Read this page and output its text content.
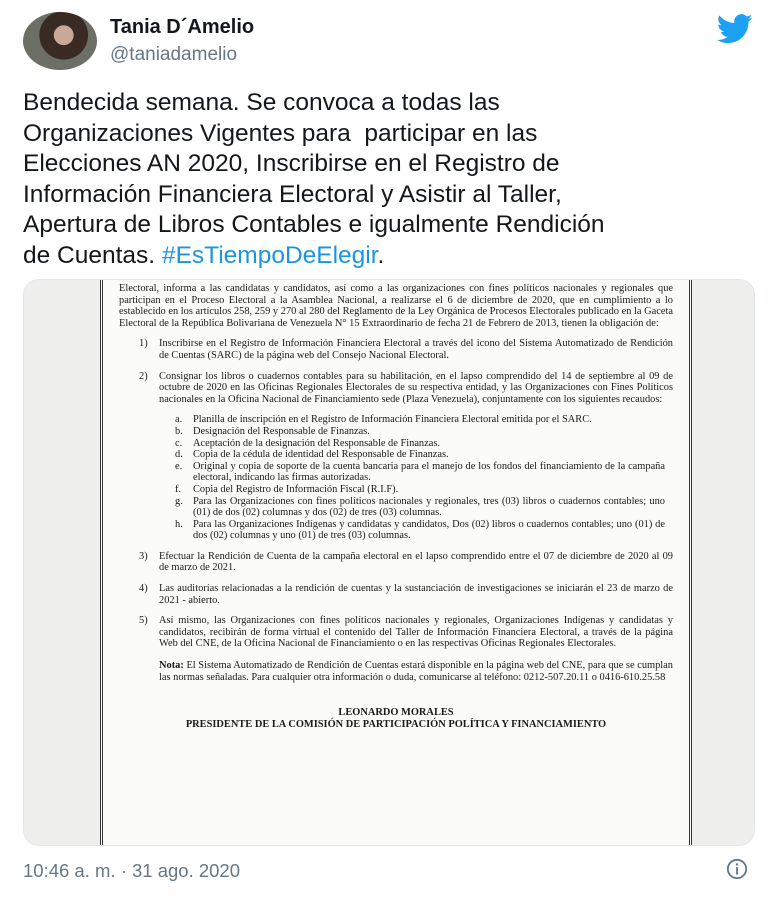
Tania D´Amelio
@taniadamelio
Bendecida semana. Se convoca a todas las
Organizaciones Vigentes para  participar en las
Elecciones AN 2020, Inscribirse en el Registro de
Información Financiera Electoral y Asistir al Taller,
Apertura de Libros Contables e igualmente Rendición
de Cuentas. #EsTiempoDeElegir.

Electoral, informa a las candidatas y candidatos, así como a las organizaciones con fines políticos nacionales y regionales que participan en el Proceso Electoral a la Asamblea Nacional, a realizarse el 6 de diciembre de 2020, que en cumplimiento a lo establecido en los artículos 258, 259 y 270 al 280 del Reglamento de la Ley Orgánica de Procesos Electorales publicado en la Gaceta Electoral de la República Bolivariana de Venezuela N° 15 Extraordinario de fecha 21 de Febrero de 2013, tienen la obligación de:

1) Inscribirse en el Registro de Información Financiera Electoral a través del icono del Sistema Automatizado de Rendición de Cuentas (SARC) de la página web del Consejo Nacional Electoral.
2) Consignar los libros o cuadernos contables para su habilitación, en el lapso comprendido del 14 de septiembre al 09 de octubre de 2020 en las Oficinas Regionales Electorales de su respectiva entidad, y las Organizaciones con Fines Políticos nacionales en la Oficina Nacional de Financiamiento sede (Plaza Venezuela), conjuntamente con los siguientes recaudos:
a. Planilla de inscripción en el Registro de Información Financiera Electoral emitida por el SARC.
b. Designación del Responsable de Finanzas.
c. Aceptación de la designación del Responsable de Finanzas.
d. Copia de la cédula de identidad del Responsable de Finanzas.
e. Original y copia de soporte de la cuenta bancaria para el manejo de los fondos del financiamiento de la campaña electoral, indicando las firmas autorizadas.
f. Copia del Registro de Información Fiscal (R.I.F).
g. Para las Organizaciones con fines políticos nacionales y regionales, tres (03) libros o cuadernos contables; uno (01) de dos (02) columnas y dos (02) de tres (03) columnas.
h. Para las Organizaciones Indígenas y candidatas y candidatos, Dos (02) libros o cuadernos contables; uno (01) de dos (02) columnas y uno (01) de tres (03) columnas.
3) Efectuar la Rendición de Cuenta de la campaña electoral en el lapso comprendido entre el 07 de diciembre de 2020 al 09 de marzo de 2021.
4) Las auditorías relacionadas a la rendición de cuentas y la sustanciación de investigaciones se iniciarán el 23 de marzo de 2021 - abierto.
5) Así mismo, las Organizaciones con fines políticos nacionales y regionales, Organizaciones Indígenas y candidatas y candidatos, recibirán de forma virtual el contenido del Taller de Información Financiera Electoral, a través de la página Web del CNE, de la Oficina Nacional de Financiamiento o en las respectivas Oficinas Regionales Electorales.

Nota: El Sistema Automatizado de Rendición de Cuentas estará disponible en la página web del CNE, para que se cumplan las normas señaladas. Para cualquier otra información o duda, comunicarse al teléfono: 0212-507.20.11 o 0416-610.25.58

LEONARDO MORALES

PRESIDENTE DE LA COMISIÓN DE PARTICIPACIÓN POLÍTICA Y FINANCIAMIENTO

10:46 a. m. · 31 ago. 2020
